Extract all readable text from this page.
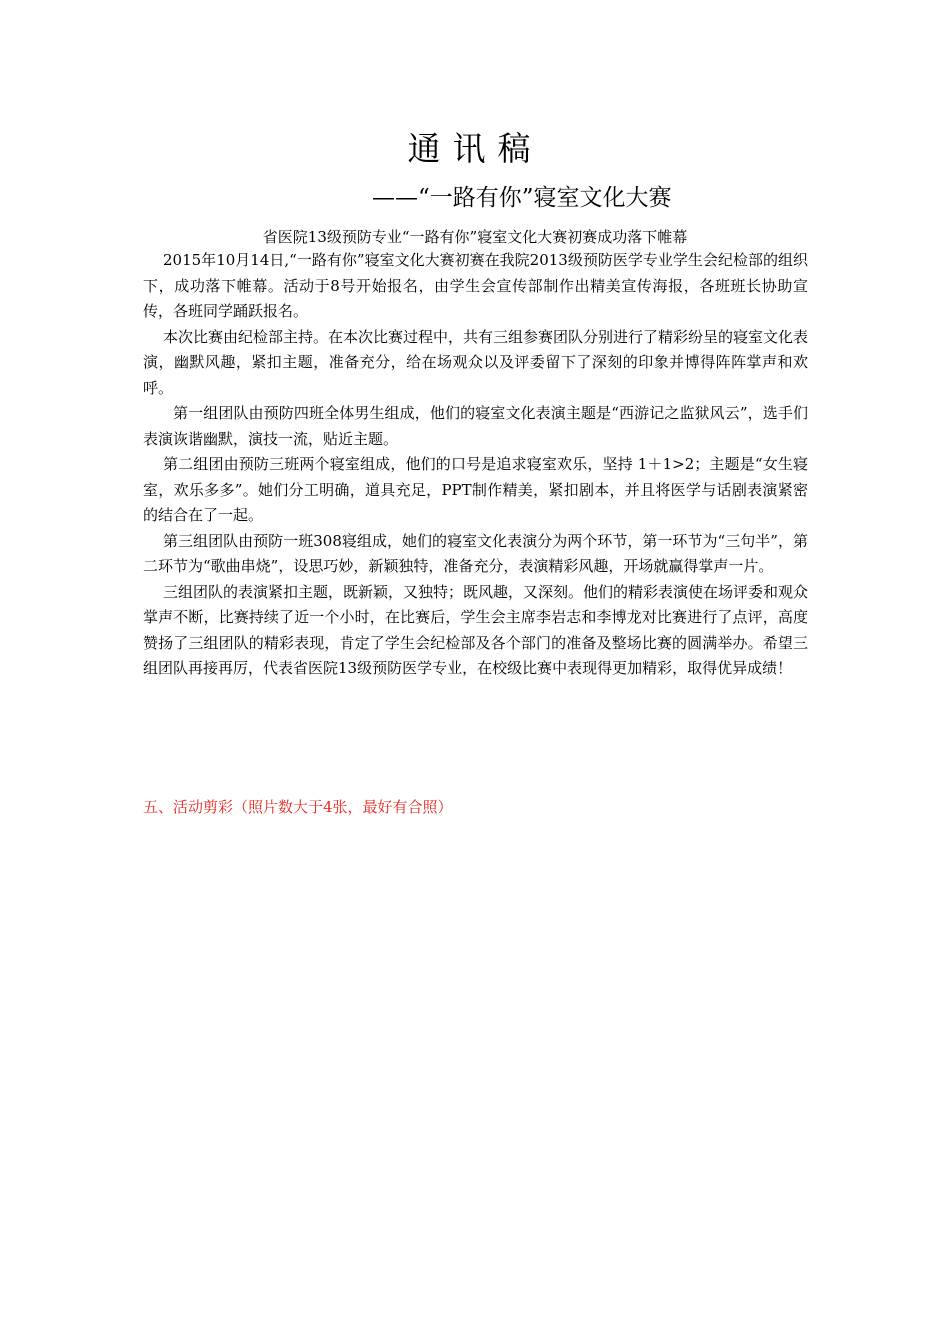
通讯稿
——“一路有你”寝室文化大赛
省医院13级预防专业“一路有你”寝室文化大赛初赛成功落下帷幕

2015年10月14日,“一路有你”寝室文化大赛初赛在我院2013级预防医学专业学生会纪检部的组织下，成功落下帷幕。活动于8号开始报名，由学生会宣传部制作出精美宣传海报，各班班长协助宣传，各班同学踊跃报名。

本次比赛由纪检部主持。在本次比赛过程中，共有三组参赛团队分别进行了精彩纷呈的寝室文化表演，幽默风趣，紧扣主题，准备充分，给在场观众以及评委留下了深刻的印象并博得阵阵掌声和欢呼。

第一组团队由预防四班全体男生组成，他们的寝室文化表演主题是“西游记之监狱风云”，选手们表演诙谐幽默，演技一流，贴近主题。

第二组团由预防三班两个寝室组成，他们的口号是追求寝室欢乐，坚持 1＋1>2；主题是“女生寝室，欢乐多多”。她们分工明确，道具充足，PPT制作精美，紧扣剧本，并且将医学与话剧表演紧密的结合在了一起。

第三组团队由预防一班308寝组成，她们的寝室文化表演分为两个环节，第一环节为“三句半”，第二环节为“歌曲串烧”，设思巧妙，新颖独特，准备充分，表演精彩风趣，开场就赢得掌声一片。

三组团队的表演紧扣主题，既新颖，又独特；既风趣，又深刻。他们的精彩表演使在场评委和观众掌声不断，比赛持续了近一个小时，在比赛后，学生会主席李岩志和李博龙对比赛进行了点评，高度赞扬了三组团队的精彩表现，肯定了学生会纪检部及各个部门的准备及整场比赛的圆满举办。希望三组团队再接再厉，代表省医院13级预防医学专业，在校级比赛中表现得更加精彩，取得优异成绩！

五、活动剪彩（照片数大于4张，最好有合照）
